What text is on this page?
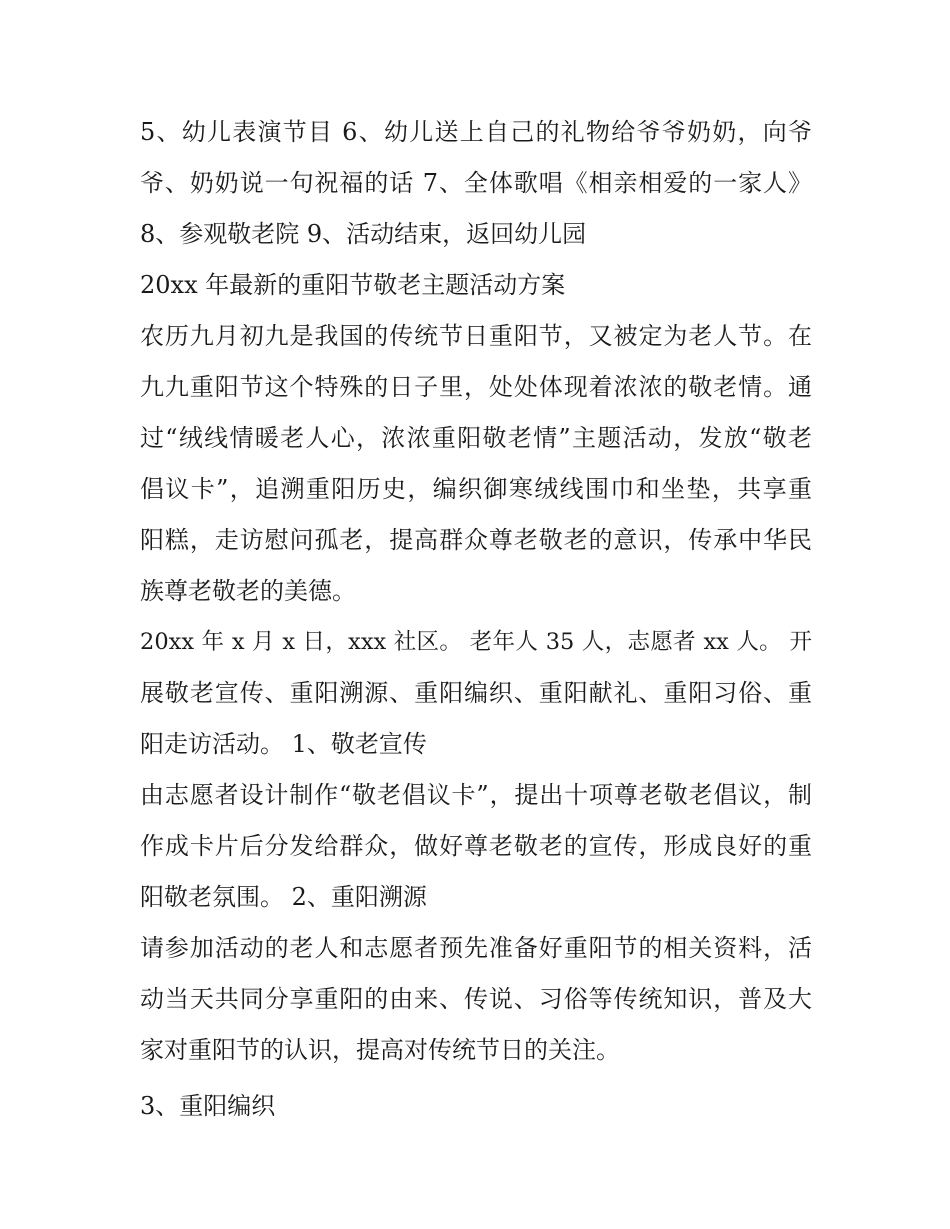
5、幼儿表演节目 6、幼儿送上自己的礼物给爷爷奶奶，向爷
爷、奶奶说一句祝福的话 7、全体歌唱《相亲相爱的一家人》
8、参观敬老院 9、活动结束，返回幼儿园
20xx 年最新的重阳节敬老主题活动方案
农历九月初九是我国的传统节日重阳节，又被定为老人节。在
九九重阳节这个特殊的日子里，处处体现着浓浓的敬老情。通
过“绒线情暖老人心，浓浓重阳敬老情”主题活动，发放“敬老
倡议卡”，追溯重阳历史，编织御寒绒线围巾和坐垫，共享重
阳糕，走访慰问孤老，提高群众尊老敬老的意识，传承中华民
族尊老敬老的美德。
20xx 年 x 月 x 日，xxx 社区。 老年人 35 人，志愿者 xx 人。 开
展敬老宣传、重阳溯源、重阳编织、重阳献礼、重阳习俗、重
阳走访活动。 1、敬老宣传
由志愿者设计制作“敬老倡议卡”，提出十项尊老敬老倡议，制
作成卡片后分发给群众，做好尊老敬老的宣传，形成良好的重
阳敬老氛围。 2、重阳溯源
请参加活动的老人和志愿者预先准备好重阳节的相关资料，活
动当天共同分享重阳的由来、传说、习俗等传统知识，普及大
家对重阳节的认识，提高对传统节日的关注。
3、重阳编织
